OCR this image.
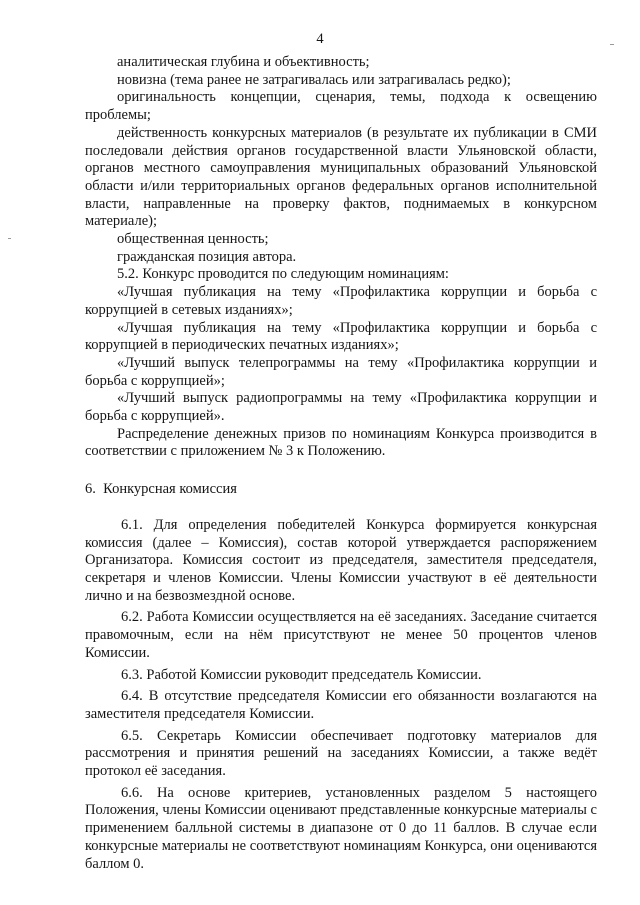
4

аналитическая глубина и объективность;

новизна (тема ранее не затрагивалась или затрагивалась редко);

оригинальность концепции, сценария, темы, подхода к освещению проблемы;

действенность конкурсных материалов (в результате их публикации в СМИ последовали действия органов государственной власти Ульяновской области, органов местного самоуправления муниципальных образований Ульяновской области и/или территориальных органов федеральных органов исполнительной власти, направленные на проверку фактов, поднимаемых в конкурсном материале);

общественная ценность;

гражданская позиция автора.

5.2. Конкурс проводится по следующим номинациям:

«Лучшая публикация на тему «Профилактика коррупции и борьба с коррупцией в сетевых изданиях»;

«Лучшая публикация на тему «Профилактика коррупции и борьба с коррупцией в периодических печатных изданиях»;

«Лучший выпуск телепрограммы на тему «Профилактика коррупции и борьба с коррупцией»;

«Лучший выпуск радиопрограммы на тему «Профилактика коррупции и борьба с коррупцией».

Распределение денежных призов по номинациям Конкурса производится в соответствии с приложением № 3 к Положению.

6.  Конкурсная комиссия

6.1. Для определения победителей Конкурса формируется конкурсная комиссия (далее – Комиссия), состав которой утверждается распоряжением Организатора. Комиссия состоит из председателя, заместителя председателя, секретаря и членов Комиссии. Члены Комиссии участвуют в её деятельности лично и на безвозмездной основе.

6.2. Работа Комиссии осуществляется на её заседаниях. Заседание считается правомочным, если на нём присутствуют не менее 50 процентов членов Комиссии.

6.3. Работой Комиссии руководит председатель Комиссии.

6.4. В отсутствие председателя Комиссии его обязанности возлагаются на заместителя председателя Комиссии.

6.5. Секретарь Комиссии обеспечивает подготовку материалов для рассмотрения и принятия решений на заседаниях Комиссии, а также ведёт протокол её заседания.

6.6. На основе критериев, установленных разделом 5 настоящего Положения, члены Комиссии оценивают представленные конкурсные материалы с применением балльной системы в диапазоне от 0 до 11 баллов. В случае если конкурсные материалы не соответствуют номинациям Конкурса, они оцениваются баллом 0.
